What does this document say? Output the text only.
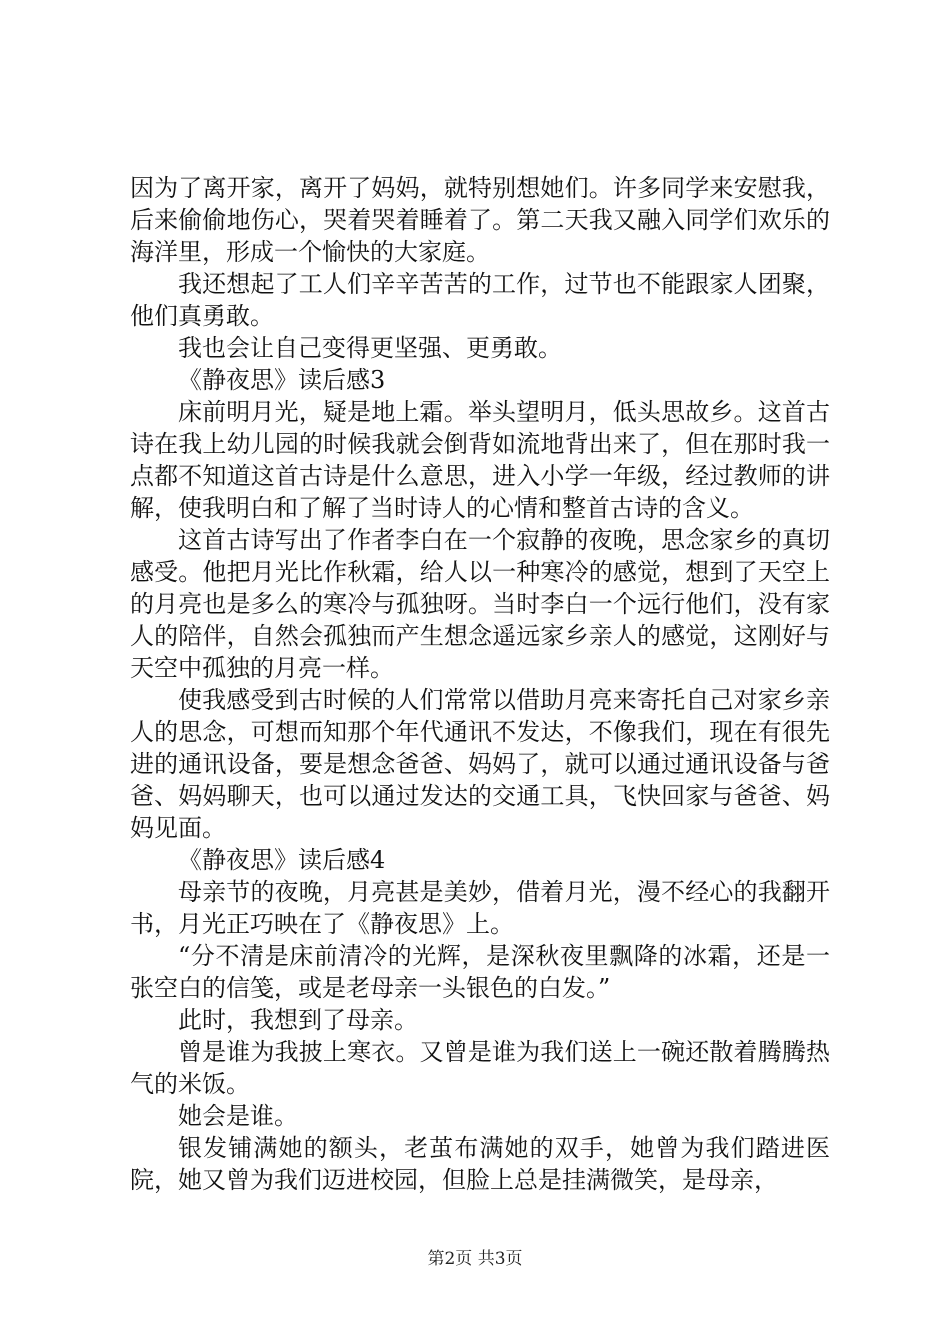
因为了离开家，离开了妈妈，就特别想她们。许多同学来安慰我，后来偷偷地伤心，哭着哭着睡着了。第二天我又融入同学们欢乐的海洋里，形成一个愉快的大家庭。

我还想起了工人们辛辛苦苦的工作，过节也不能跟家人团聚，他们真勇敢。

我也会让自己变得更坚强、更勇敢。

《静夜思》读后感3

床前明月光，疑是地上霜。举头望明月，低头思故乡。这首古诗在我上幼儿园的时候我就会倒背如流地背出来了，但在那时我一点都不知道这首古诗是什么意思，进入小学一年级，经过教师的讲解，使我明白和了解了当时诗人的心情和整首古诗的含义。

这首古诗写出了作者李白在一个寂静的夜晚，思念家乡的真切感受。他把月光比作秋霜，给人以一种寒冷的感觉，想到了天空上的月亮也是多么的寒冷与孤独呀。当时李白一个远行他们，没有家人的陪伴，自然会孤独而产生想念遥远家乡亲人的感觉，这刚好与天空中孤独的月亮一样。

使我感受到古时候的人们常常以借助月亮来寄托自己对家乡亲人的思念，可想而知那个年代通讯不发达，不像我们，现在有很先进的通讯设备，要是想念爸爸、妈妈了，就可以通过通讯设备与爸爸、妈妈聊天，也可以通过发达的交通工具，飞快回家与爸爸、妈妈见面。

《静夜思》读后感4

母亲节的夜晚，月亮甚是美妙，借着月光，漫不经心的我翻开书，月光正巧映在了《静夜思》上。

“分不清是床前清冷的光辉，是深秋夜里飘降的冰霜，还是一张空白的信笺，或是老母亲一头银色的白发。”

此时，我想到了母亲。

曾是谁为我披上寒衣。又曾是谁为我们送上一碗还散着腾腾热气的米饭。

她会是谁。

银发铺满她的额头，老茧布满她的双手，她曾为我们踏进医院，她又曾为我们迈进校园，但脸上总是挂满微笑，是母亲，

第2页 共3页
